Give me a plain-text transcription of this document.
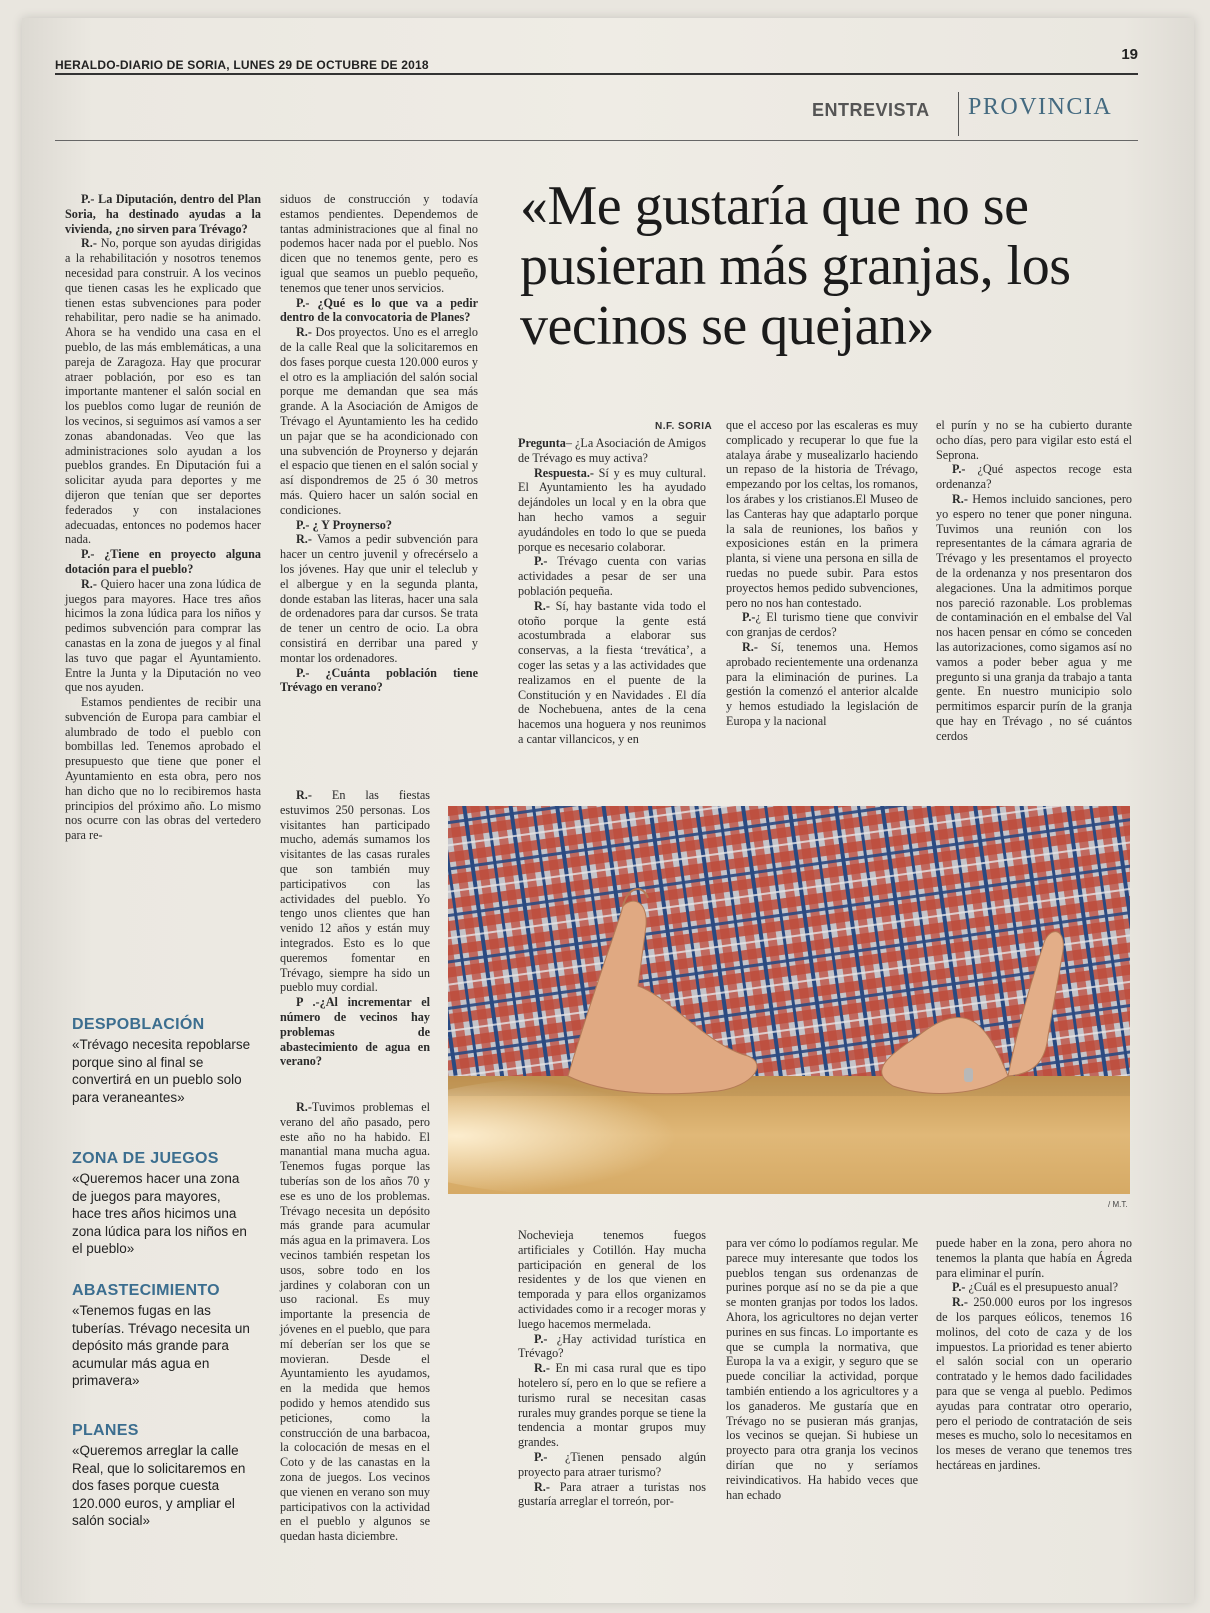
HERALDO-DIARIO DE SORIA, LUNES 29 DE OCTUBRE DE 2018
19
ENTREVISTA PROVINCIA

P.- La Diputación, dentro del Plan Soria, ha destinado ayudas a la vivienda, ¿no sirven para Trévago?

R.- No, porque son ayudas dirigidas a la rehabilitación y nosotros tenemos necesidad para construir. A los vecinos que tienen casas les he explicado que tienen estas subvenciones para poder rehabilitar, pero nadie se ha animado. Ahora se ha vendido una casa en el pueblo, de las más emblemáticas, a una pareja de Zaragoza. Hay que procurar atraer población, por eso es tan importante mantener el salón social en los pueblos como lugar de reunión de los vecinos, si seguimos así vamos a ser zonas abandonadas. Veo que las administraciones solo ayudan a los pueblos grandes. En Diputación fui a solicitar ayuda para deportes y me dijeron que tenían que ser deportes federados y con instalaciones adecuadas, entonces no podemos hacer nada.

P.- ¿Tiene en proyecto alguna dotación para el pueblo?

R.- Quiero hacer una zona lúdica de juegos para mayores. Hace tres años hicimos la zona lúdica para los niños y pedimos subvención para comprar las canastas en la zona de juegos y al final las tuvo que pagar el Ayuntamiento. Entre la Junta y la Diputación no veo que nos ayuden.

Estamos pendientes de recibir una subvención de Europa para cambiar el alumbrado de todo el pueblo con bombillas led. Tenemos aprobado el presupuesto que tiene que poner el Ayuntamiento en esta obra, pero nos han dicho que no lo recibiremos hasta principios del próximo año. Lo mismo nos ocurre con las obras del vertedero para re-

DESPOBLACIÓN
«Trévago necesita repoblarse porque sino al final se convertirá en un pueblo solo para veraneantes»
ZONA DE JUEGOS
«Queremos hacer una zona de juegos para mayores, hace tres años hicimos una zona lúdica para los niños en el pueblo»
ABASTECIMIENTO
«Tenemos fugas en las tuberías. Trévago necesita un depósito más grande para acumular más agua en primavera»
PLANES
«Queremos arreglar la calle Real, que lo solicitaremos en dos fases porque cuesta 120.000 euros, y ampliar el salón social»

siduos de construcción y todavía estamos pendientes. Dependemos de tantas administraciones que al final no podemos hacer nada por el pueblo. Nos dicen que no tenemos gente, pero es igual que seamos un pueblo pequeño, tenemos que tener unos servicios.

P.- ¿Qué es lo que va a pedir dentro de la convocatoria de Planes?

R.- Dos proyectos. Uno es el arreglo de la calle Real que la solicitaremos en dos fases porque cuesta 120.000 euros y el otro es la ampliación del salón social porque me demandan que sea más grande. A la Asociación de Amigos de Trévago el Ayuntamiento les ha cedido un pajar que se ha acondicionado con una subvención de Proynerso y dejarán el espacio que tienen en el salón social y así dispondremos de 25 ó 30 metros más. Quiero hacer un salón social en condiciones.

P.- ¿ Y Proynerso?

R.- Vamos a pedir subvención para hacer un centro juvenil y ofrecérselo a los jóvenes. Hay que unir el teleclub y el albergue y en la segunda planta, donde estaban las literas, hacer una sala de ordenadores para dar cursos. Se trata de tener un centro de ocio. La obra consistirá en derribar una pared y montar los ordenadores.

P.- ¿Cuánta población tiene Trévago en verano?

R.- En las fiestas estuvimos 250 personas. Los visitantes han participado mucho, además sumamos los visitantes de las casas rurales que son también muy participativos con las actividades del pueblo. Yo tengo unos clientes que han venido 12 años y están muy integrados. Esto es lo que queremos fomentar en Trévago, siempre ha sido un pueblo muy cordial.

P .-¿Al incrementar el número de vecinos hay problemas de abastecimiento de agua en verano?

R.-Tuvimos problemas el verano del año pasado, pero este año no ha habido. El manantial mana mucha agua. Tenemos fugas porque las tuberías son de los años 70 y ese es uno de los problemas. Trévago necesita un depósito más grande para acumular más agua en la primavera. Los vecinos también respetan los usos, sobre todo en los jardines y colaboran con un uso racional. Es muy importante la presencia de jóvenes en el pueblo, que para mí deberían ser los que se movieran. Desde el Ayuntamiento les ayudamos, en la medida que hemos podido y hemos atendido sus peticiones, como la construcción de una barbacoa, la colocación de mesas en el Coto y de las canastas en la zona de juegos. Los vecinos que vienen en verano son muy participativos con la actividad en el pueblo y algunos se quedan hasta diciembre.

«Me gustaría que no se pusieran más granjas, los vecinos se quejan»
N.F. SORIA

Pregunta– ¿La Asociación de Amigos de Trévago es muy activa?

Respuesta.- Sí y es muy cultural. El Ayuntamiento les ha ayudado dejándoles un local y en la obra que han hecho vamos a seguir ayudándoles en todo lo que se pueda porque es necesario colaborar.

P.- Trévago cuenta con varias actividades a pesar de ser una población pequeña.

R.- Sí, hay bastante vida todo el otoño porque la gente está acostumbrada a elaborar sus conservas, a la fiesta ‘trevática’, a coger las setas y a las actividades que realizamos en el puente de la Constitución y en Navidades . El día de Nochebuena, antes de la cena hacemos una hoguera y nos reunimos a cantar villancicos, y en

que el acceso por las escaleras es muy complicado y recuperar lo que fue la atalaya árabe y musealizarlo haciendo un repaso de la historia de Trévago, empezando por los celtas, los romanos, los árabes y los cristianos.El Museo de las Canteras hay que adaptarlo porque la sala de reuniones, los baños y exposiciones están en la primera planta, si viene una persona en silla de ruedas no puede subir. Para estos proyectos hemos pedido subvenciones, pero no nos han contestado.

P.-¿ El turismo tiene que convivir con granjas de cerdos?

R.- Sí, tenemos una. Hemos aprobado recientemente una ordenanza para la eliminación de purines. La gestión la comenzó el anterior alcalde y hemos estudiado la legislación de Europa y la nacional

el purín y no se ha cubierto durante ocho días, pero para vigilar esto está el Seprona.

P.- ¿Qué aspectos recoge esta ordenanza?

R.- Hemos incluido sanciones, pero yo espero no tener que poner ninguna. Tuvimos una reunión con los representantes de la cámara agraria de Trévago y les presentamos el proyecto de la ordenanza y nos presentaron dos alegaciones. Una la admitimos porque nos pareció razonable. Los problemas de contaminación en el embalse del Val nos hacen pensar en cómo se conceden las autorizaciones, como sigamos así no vamos a poder beber agua y me pregunto si una granja da trabajo a tanta gente. En nuestro municipio solo permitimos esparcir purín de la granja que hay en Trévago , no sé cuántos cerdos

/ M.T.

Nochevieja tenemos fuegos artificiales y Cotillón. Hay mucha participación en general de los residentes y de los que vienen en temporada y para ellos organizamos actividades como ir a recoger moras y luego hacemos mermelada.

P.- ¿Hay actividad turística en Trévago?

R.- En mi casa rural que es tipo hotelero sí, pero en lo que se refiere a turismo rural se necesitan casas rurales muy grandes porque se tiene la tendencia a montar grupos muy grandes.

P.- ¿Tienen pensado algún proyecto para atraer turismo?

R.- Para atraer a turistas nos gustaría arreglar el torreón, por-

para ver cómo lo podíamos regular. Me parece muy interesante que todos los pueblos tengan sus ordenanzas de purines porque así no se da pie a que se monten granjas por todos los lados. Ahora, los agricultores no dejan verter purines en sus fincas. Lo importante es que se cumpla la normativa, que Europa la va a exigir, y seguro que se puede conciliar la actividad, porque también entiendo a los agricultores y a los ganaderos. Me gustaría que en Trévago no se pusieran más granjas, los vecinos se quejan. Si hubiese un proyecto para otra granja los vecinos dirían que no y seríamos reivindicativos. Ha habido veces que han echado

puede haber en la zona, pero ahora no tenemos la planta que había en Ágreda para eliminar el purín.

P.- ¿Cuál es el presupuesto anual?

R.- 250.000 euros por los ingresos de los parques eólicos, tenemos 16 molinos, del coto de caza y de los impuestos. La prioridad es tener abierto el salón social con un operario contratado y le hemos dado facilidades para que se venga al pueblo. Pedimos ayudas para contratar otro operario, pero el periodo de contratación de seis meses es mucho, solo lo necesitamos en los meses de verano que tenemos tres hectáreas en jardines.
